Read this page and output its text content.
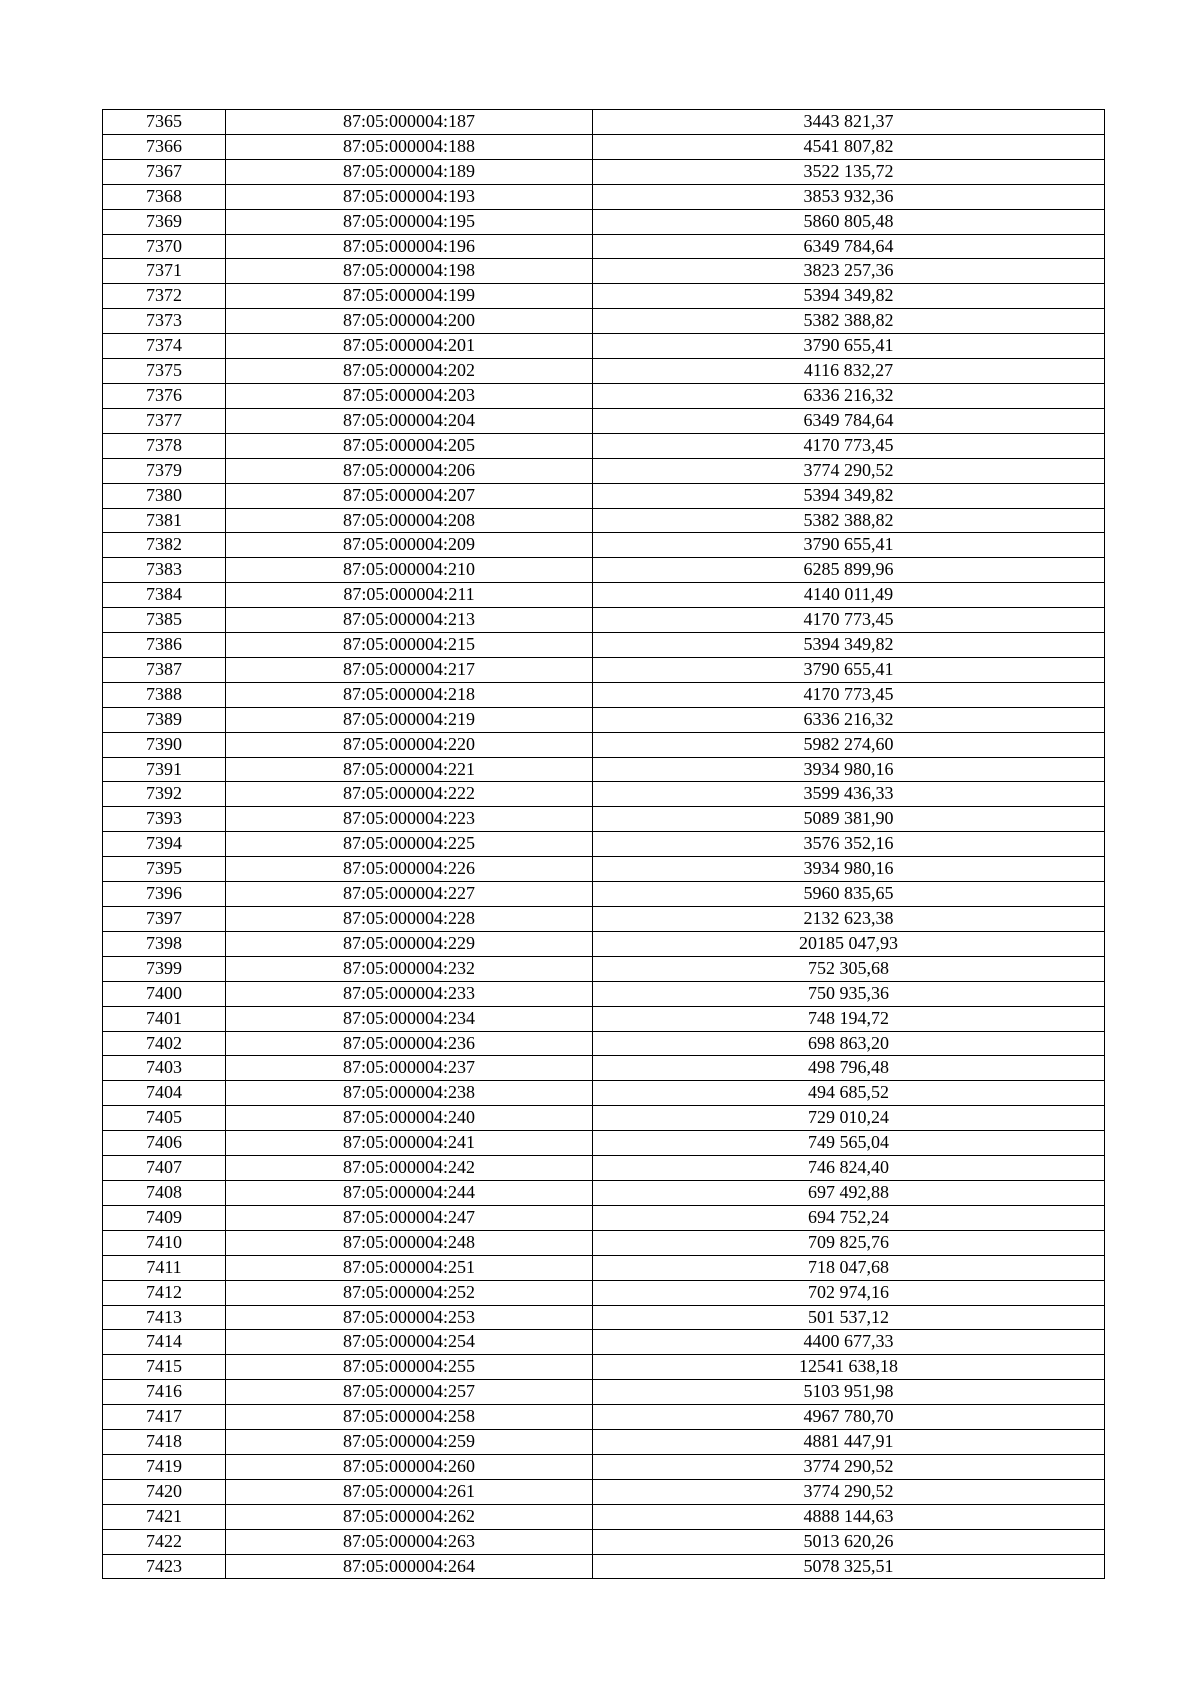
7365	87:05:000004:187	3443 821,37
7366	87:05:000004:188	4541 807,82
7367	87:05:000004:189	3522 135,72
7368	87:05:000004:193	3853 932,36
7369	87:05:000004:195	5860 805,48
7370	87:05:000004:196	6349 784,64
7371	87:05:000004:198	3823 257,36
7372	87:05:000004:199	5394 349,82
7373	87:05:000004:200	5382 388,82
7374	87:05:000004:201	3790 655,41
7375	87:05:000004:202	4116 832,27
7376	87:05:000004:203	6336 216,32
7377	87:05:000004:204	6349 784,64
7378	87:05:000004:205	4170 773,45
7379	87:05:000004:206	3774 290,52
7380	87:05:000004:207	5394 349,82
7381	87:05:000004:208	5382 388,82
7382	87:05:000004:209	3790 655,41
7383	87:05:000004:210	6285 899,96
7384	87:05:000004:211	4140 011,49
7385	87:05:000004:213	4170 773,45
7386	87:05:000004:215	5394 349,82
7387	87:05:000004:217	3790 655,41
7388	87:05:000004:218	4170 773,45
7389	87:05:000004:219	6336 216,32
7390	87:05:000004:220	5982 274,60
7391	87:05:000004:221	3934 980,16
7392	87:05:000004:222	3599 436,33
7393	87:05:000004:223	5089 381,90
7394	87:05:000004:225	3576 352,16
7395	87:05:000004:226	3934 980,16
7396	87:05:000004:227	5960 835,65
7397	87:05:000004:228	2132 623,38
7398	87:05:000004:229	20185 047,93
7399	87:05:000004:232	752 305,68
7400	87:05:000004:233	750 935,36
7401	87:05:000004:234	748 194,72
7402	87:05:000004:236	698 863,20
7403	87:05:000004:237	498 796,48
7404	87:05:000004:238	494 685,52
7405	87:05:000004:240	729 010,24
7406	87:05:000004:241	749 565,04
7407	87:05:000004:242	746 824,40
7408	87:05:000004:244	697 492,88
7409	87:05:000004:247	694 752,24
7410	87:05:000004:248	709 825,76
7411	87:05:000004:251	718 047,68
7412	87:05:000004:252	702 974,16
7413	87:05:000004:253	501 537,12
7414	87:05:000004:254	4400 677,33
7415	87:05:000004:255	12541 638,18
7416	87:05:000004:257	5103 951,98
7417	87:05:000004:258	4967 780,70
7418	87:05:000004:259	4881 447,91
7419	87:05:000004:260	3774 290,52
7420	87:05:000004:261	3774 290,52
7421	87:05:000004:262	4888 144,63
7422	87:05:000004:263	5013 620,26
7423	87:05:000004:264	5078 325,51
